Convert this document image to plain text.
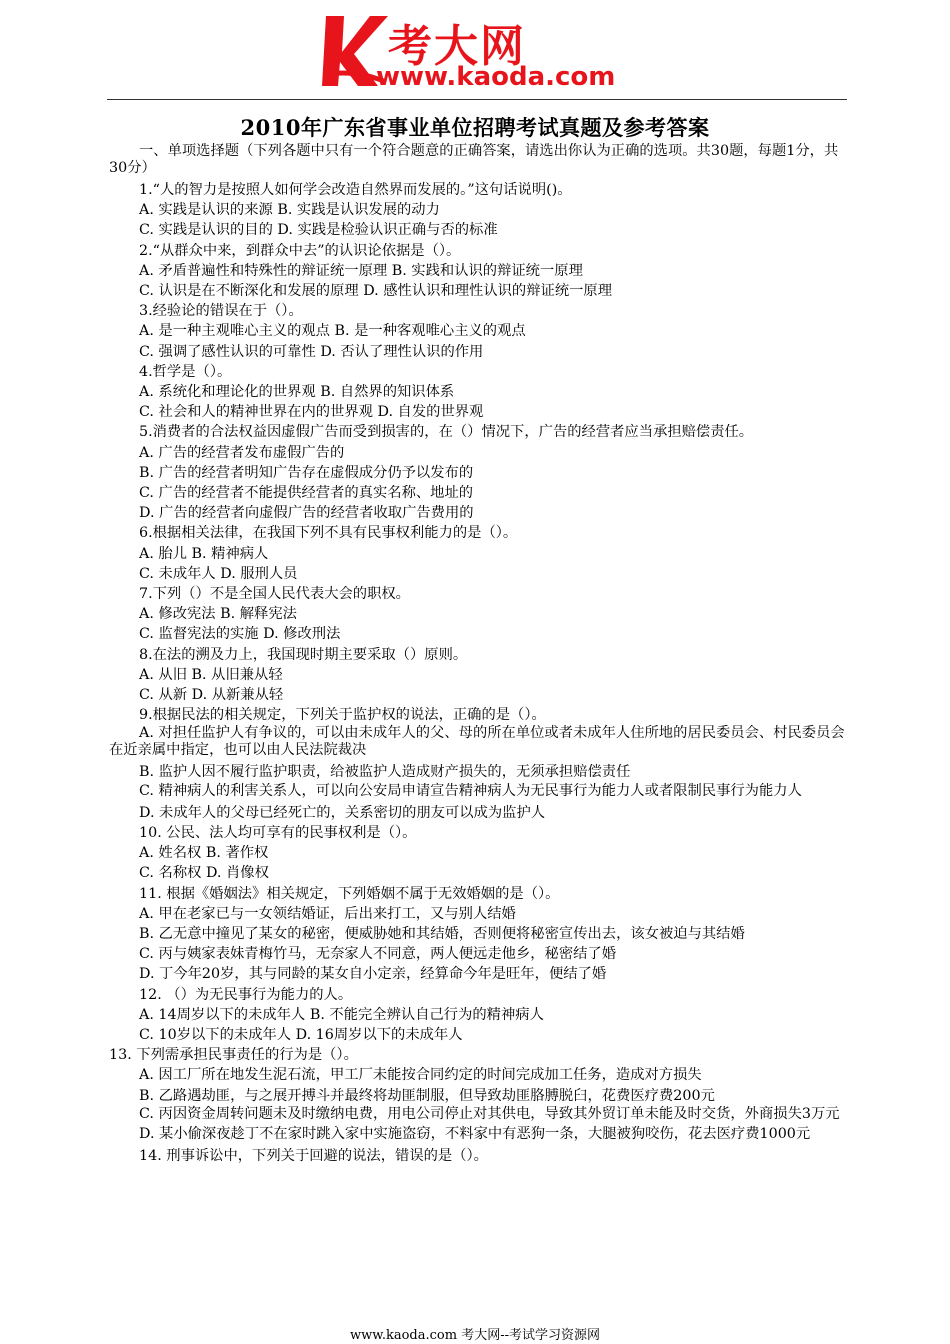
考大网
www.kaoda.com
2010年广东省事业单位招聘考试真题及参考答案
一、单项选择题（下列各题中只有一个符合题意的正确答案，请选出你认为正确的选项。共30题，每题1分，共30分）
1.“人的智力是按照人如何学会改造自然界而发展的。”这句话说明()。
A. 实践是认识的来源 B. 实践是认识发展的动力
C. 实践是认识的目的 D. 实践是检验认识正确与否的标准
2.“从群众中来，到群众中去”的认识论依据是（）。
A. 矛盾普遍性和特殊性的辩证统一原理 B. 实践和认识的辩证统一原理
C. 认识是在不断深化和发展的原理 D. 感性认识和理性认识的辩证统一原理
3.经验论的错误在于（）。
A. 是一种主观唯心主义的观点 B. 是一种客观唯心主义的观点
C. 强调了感性认识的可靠性 D. 否认了理性认识的作用
4.哲学是（）。
A. 系统化和理论化的世界观 B. 自然界的知识体系
C. 社会和人的精神世界在内的世界观 D. 自发的世界观
5.消费者的合法权益因虚假广告而受到损害的，在（）情况下，广告的经营者应当承担赔偿责任。
A. 广告的经营者发布虚假广告的
B. 广告的经营者明知广告存在虚假成分仍予以发布的
C. 广告的经营者不能提供经营者的真实名称、地址的
D. 广告的经营者向虚假广告的经营者收取广告费用的
6.根据相关法律，在我国下列不具有民事权利能力的是（）。
A. 胎儿 B. 精神病人
C. 未成年人 D. 服刑人员
7.下列（）不是全国人民代表大会的职权。
A. 修改宪法 B. 解释宪法
C. 监督宪法的实施 D. 修改刑法
8.在法的溯及力上，我国现时期主要采取（）原则。
A. 从旧 B. 从旧兼从轻
C. 从新 D. 从新兼从轻
9.根据民法的相关规定，下列关于监护权的说法，正确的是（）。
A. 对担任监护人有争议的，可以由未成年人的父、母的所在单位或者未成年人住所地的居民委员会、村民委员会在近亲属中指定，也可以由人民法院裁决
B. 监护人因不履行监护职责，给被监护人造成财产损失的，无须承担赔偿责任
C. 精神病人的利害关系人，可以向公安局申请宣告精神病人为无民事行为能力人或者限制民事行为能力人
D. 未成年人的父母已经死亡的，关系密切的朋友可以成为监护人
10. 公民、法人均可享有的民事权利是（）。
A. 姓名权 B. 著作权
C. 名称权 D. 肖像权
11. 根据《婚姻法》相关规定，下列婚姻不属于无效婚姻的是（）。
A. 甲在老家已与一女领结婚证，后出来打工，又与别人结婚
B. 乙无意中撞见了某女的秘密，便威胁她和其结婚，否则便将秘密宣传出去，该女被迫与其结婚
C. 丙与姨家表妹青梅竹马，无奈家人不同意，两人便远走他乡，秘密结了婚
D. 丁今年20岁，其与同龄的某女自小定亲，经算命今年是旺年，便结了婚
12. （）为无民事行为能力的人。
A. 14周岁以下的未成年人 B. 不能完全辨认自己行为的精神病人
C. 10岁以下的未成年人 D. 16周岁以下的未成年人
13. 下列需承担民事责任的行为是（）。
A. 因工厂所在地发生泥石流，甲工厂未能按合同约定的时间完成加工任务，造成对方损失
B. 乙路遇劫匪，与之展开搏斗并最终将劫匪制服，但导致劫匪胳膊脱臼，花费医疗费200元
C. 丙因资金周转问题未及时缴纳电费，用电公司停止对其供电，导致其外贸订单未能及时交货，外商损失3万元
D. 某小偷深夜趁丁不在家时跳入家中实施盗窃，不料家中有恶狗一条，大腿被狗咬伤，花去医疗费1000元
14. 刑事诉讼中，下列关于回避的说法，错误的是（）。
www.kaoda.com 考大网--考试学习资源网
